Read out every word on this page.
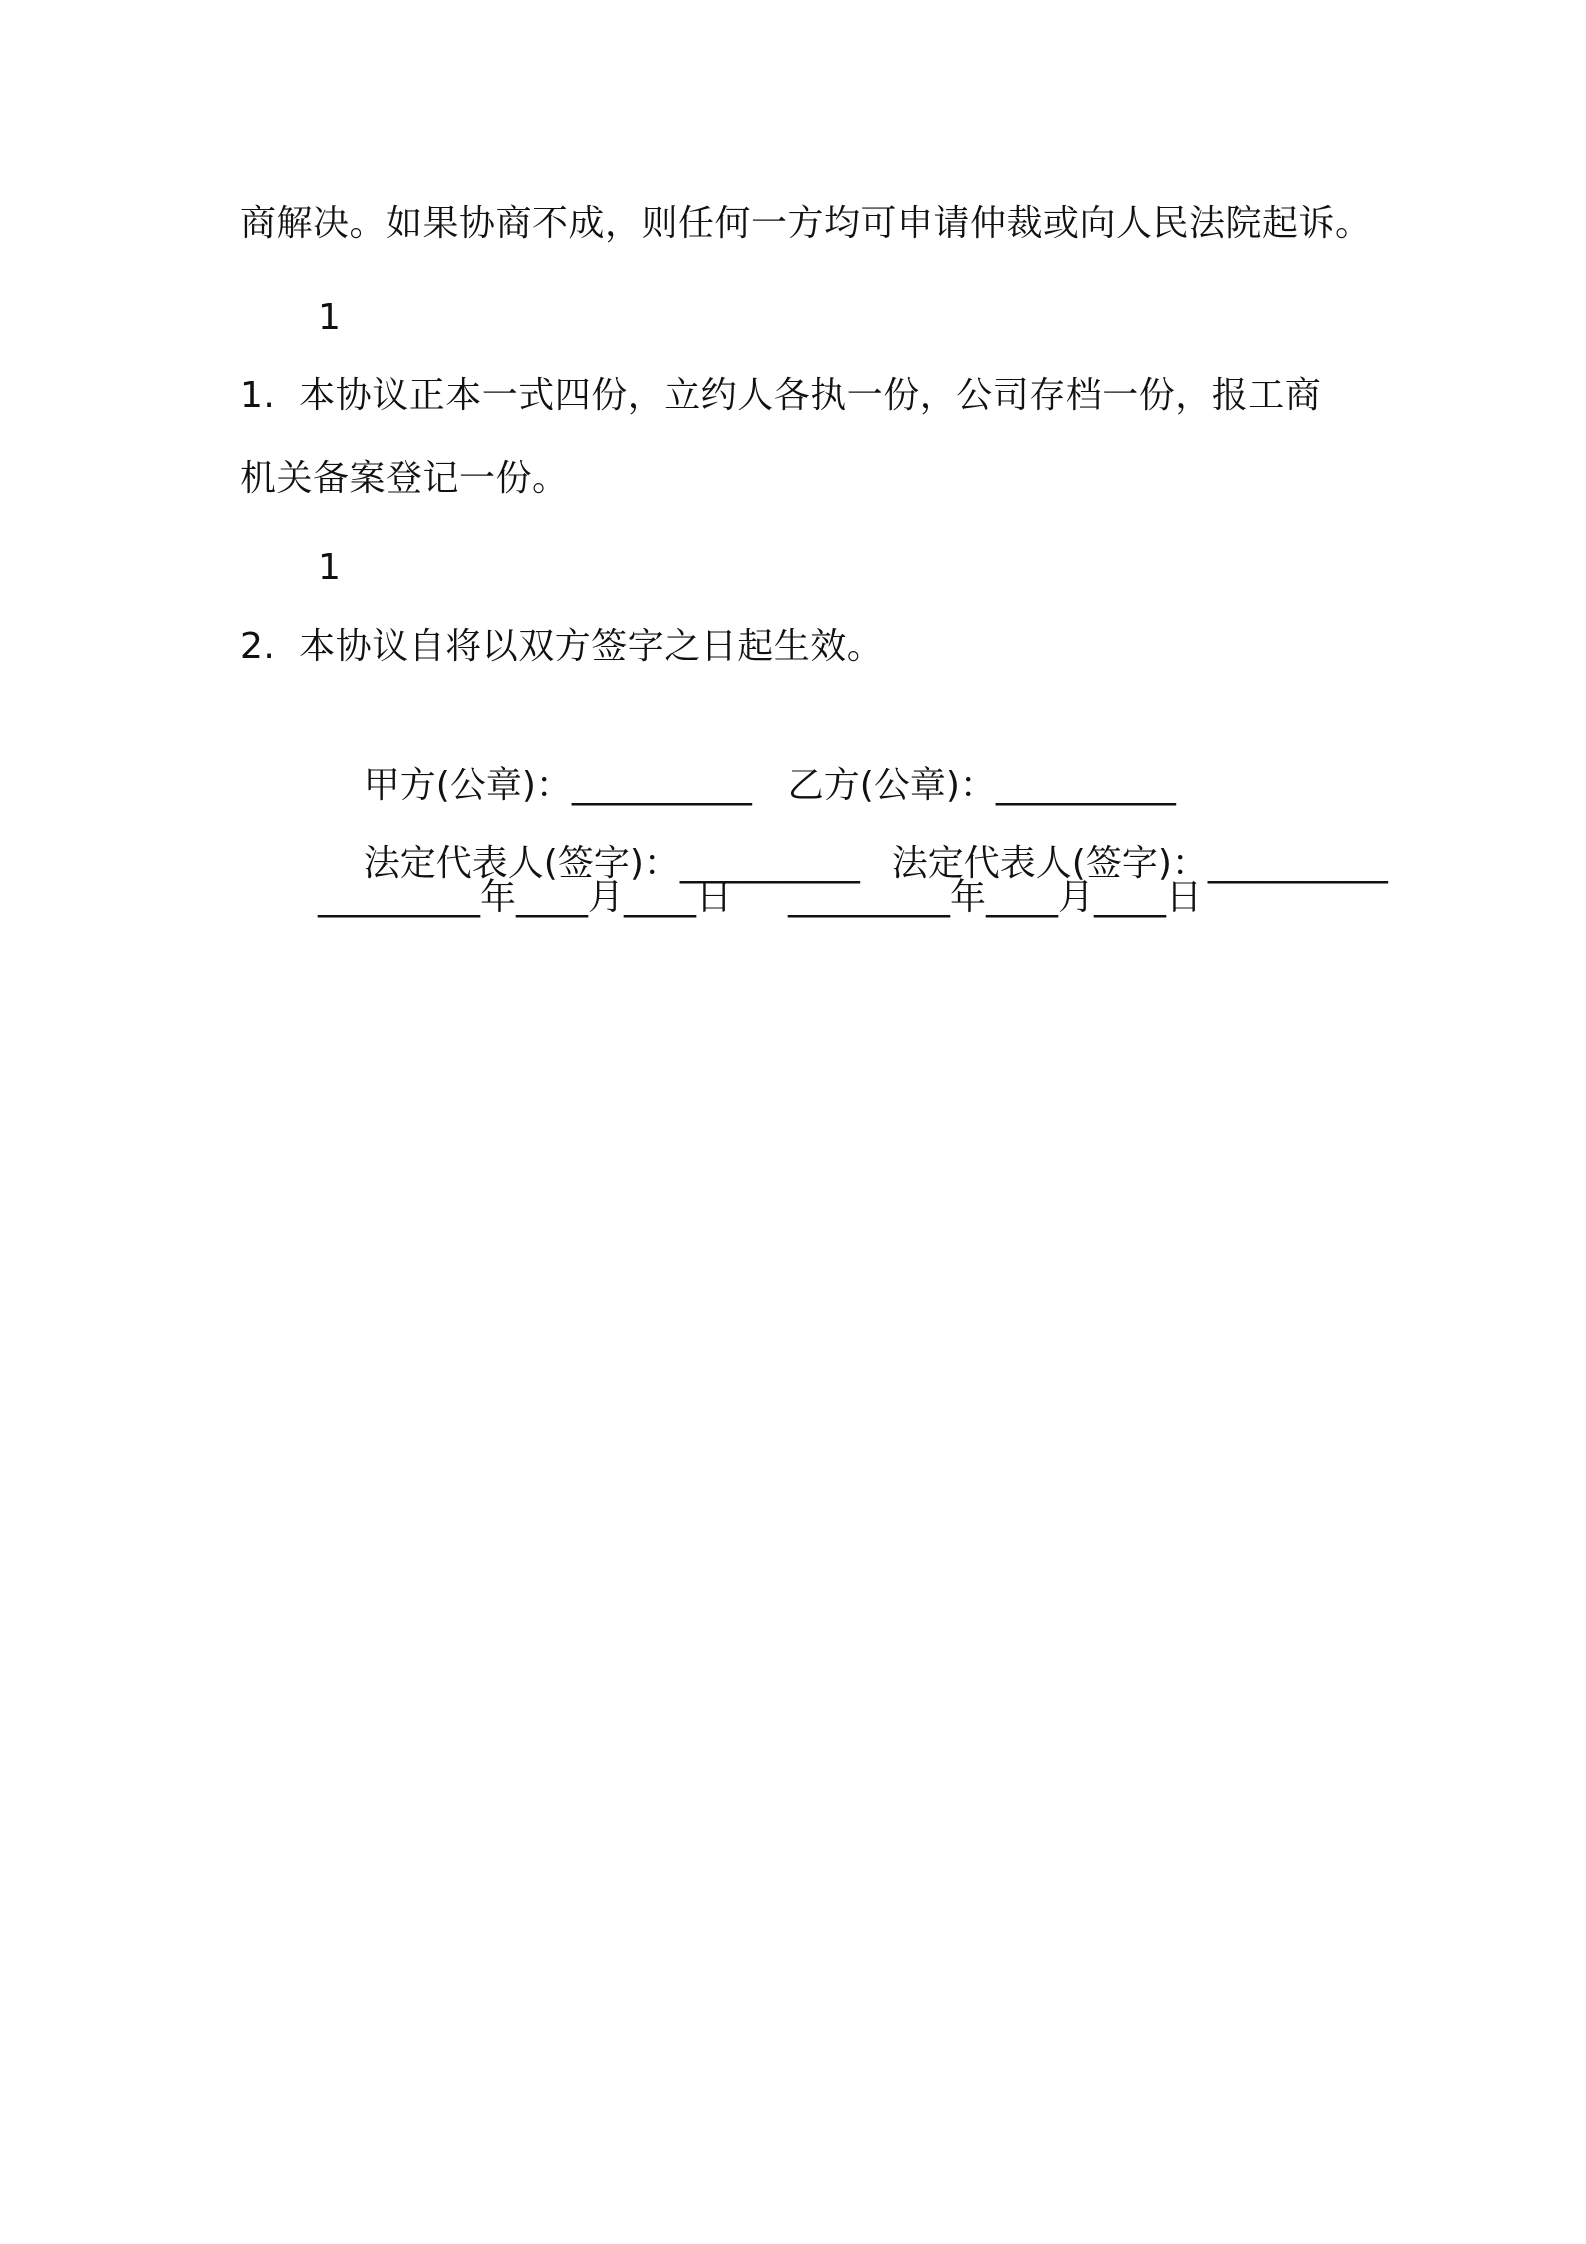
商解决。如果协商不成，则任何一方均可申请仲裁或向人民法院起诉。
1
1.  本协议正本一式四份，立约人各执一份，公司存档一份，报工商
机关备案登记一份。
1
2.  本协议自将以双方签字之日起生效。

甲方(公章)：__________
乙方(公章)：__________

法定代表人(签字)：__________
法定代表人(签字)：__________

_________年____月____日 _________年____月____日
